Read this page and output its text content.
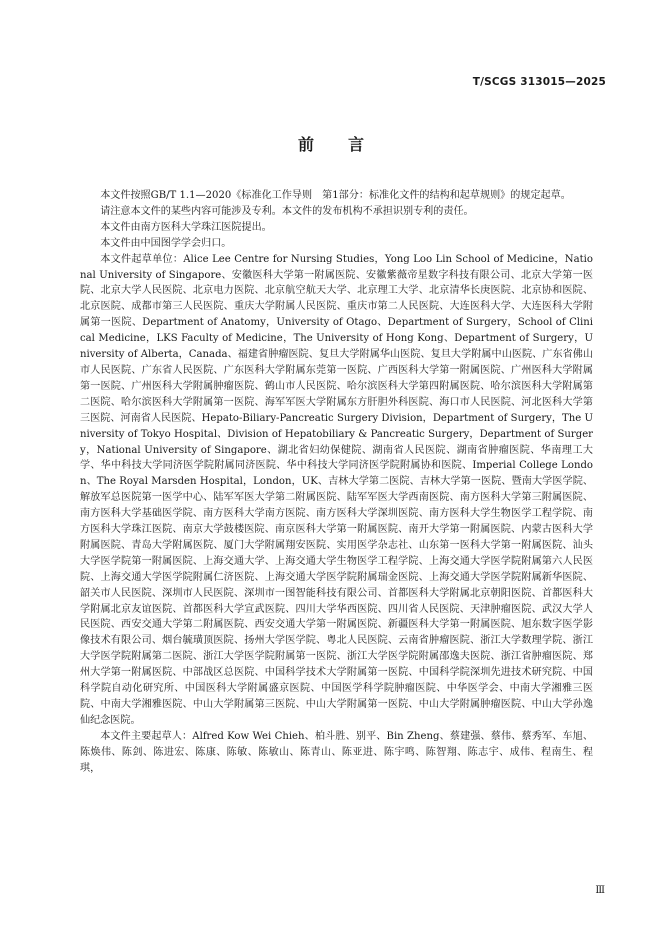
T/SCGS 313015—2025
前言

本文件按照GB/T 1.1—2020《标准化工作导则　第1部分：标准化文件的结构和起草规则》的规定起草。

请注意本文件的某些内容可能涉及专利。本文件的发布机构不承担识别专利的责任。

本文件由南方医科大学珠江医院提出。

本文件由中国图学学会归口。

本文件起草单位：Alice Lee Centre for Nursing Studies，Yong Loo Lin School of Medicine，National University of Singapore、安徽医科大学第一附属医院、安徽紫薇帝星数字科技有限公司、北京大学第一医院、北京大学人民医院、北京电力医院、北京航空航天大学、北京理工大学、北京清华长庚医院、北京协和医院、北京医院、成都市第三人民医院、重庆大学附属人民医院、重庆市第二人民医院、大连医科大学、大连医科大学附属第一医院、Department of Anatomy，University of Otago、Department of Surgery，School of Clinical Medicine，LKS Faculty of Medicine，The University of Hong Kong、Department of Surgery，University of Alberta，Canada、福建省肿瘤医院、复旦大学附属华山医院、复旦大学附属中山医院、广东省佛山市人民医院、广东省人民医院、广东医科大学附属东莞第一医院、广西医科大学第一附属医院、广州医科大学附属第一医院、广州医科大学附属肿瘤医院、鹤山市人民医院、哈尔滨医科大学第四附属医院、哈尔滨医科大学附属第二医院、哈尔滨医科大学附属第一医院、海军军医大学附属东方肝胆外科医院、海口市人民医院、河北医科大学第三医院、河南省人民医院、Hepato-Biliary-Pancreatic Surgery Division，Department of Surgery，The University of Tokyo Hospital、Division of Hepatobiliary & Pancreatic Surgery，Department of Surgery，National University of Singapore、湖北省妇幼保健院、湖南省人民医院、湖南省肿瘤医院、华南理工大学、华中科技大学同济医学院附属同济医院、华中科技大学同济医学院附属协和医院、Imperial College London、The Royal Marsden Hospital，London，UK、吉林大学第二医院、吉林大学第一医院、暨南大学医学院、解放军总医院第一医学中心、陆军军医大学第二附属医院、陆军军医大学西南医院、南方医科大学第三附属医院、南方医科大学基础医学院、南方医科大学南方医院、南方医科大学深圳医院、南方医科大学生物医学工程学院、南方医科大学珠江医院、南京大学鼓楼医院、南京医科大学第一附属医院、南开大学第一附属医院、内蒙古医科大学附属医院、青岛大学附属医院、厦门大学附属翔安医院、实用医学杂志社、山东第一医科大学第一附属医院、汕头大学医学院第一附属医院、上海交通大学、上海交通大学生物医学工程学院、上海交通大学医学院附属第六人民医院、上海交通大学医学院附属仁济医院、上海交通大学医学院附属瑞金医院、上海交通大学医学院附属新华医院、韶关市人民医院、深圳市人民医院、深圳市一图智能科技有限公司、首都医科大学附属北京朝阳医院、首都医科大学附属北京友谊医院、首都医科大学宣武医院、四川大学华西医院、四川省人民医院、天津肿瘤医院、武汉大学人民医院、西安交通大学第二附属医院、西安交通大学第一附属医院、新疆医科大学第一附属医院、旭东数字医学影像技术有限公司、烟台毓璜顶医院、扬州大学医学院、粤北人民医院、云南省肿瘤医院、浙江大学数理学院、浙江大学医学院附属第二医院、浙江大学医学院附属第一医院、浙江大学医学院附属邵逸夫医院、浙江省肿瘤医院、郑州大学第一附属医院、中部战区总医院、中国科学技术大学附属第一医院、中国科学院深圳先进技术研究院、中国科学院自动化研究所、中国医科大学附属盛京医院、中国医学科学院肿瘤医院、中华医学会、中南大学湘雅三医院、中南大学湘雅医院、中山大学附属第三医院、中山大学附属第一医院、中山大学附属肿瘤医院、中山大学孙逸仙纪念医院。

本文件主要起草人：Alfred Kow Wei Chieh、柏斗胜、别平、Bin Zheng、蔡建强、蔡伟、蔡秀军、车旭、陈焕伟、陈剑、陈进宏、陈康、陈敏、陈敏山、陈青山、陈亚进、陈宇鸣、陈智翔、陈志宇、成伟、程南生、程琪，

Ⅲ
